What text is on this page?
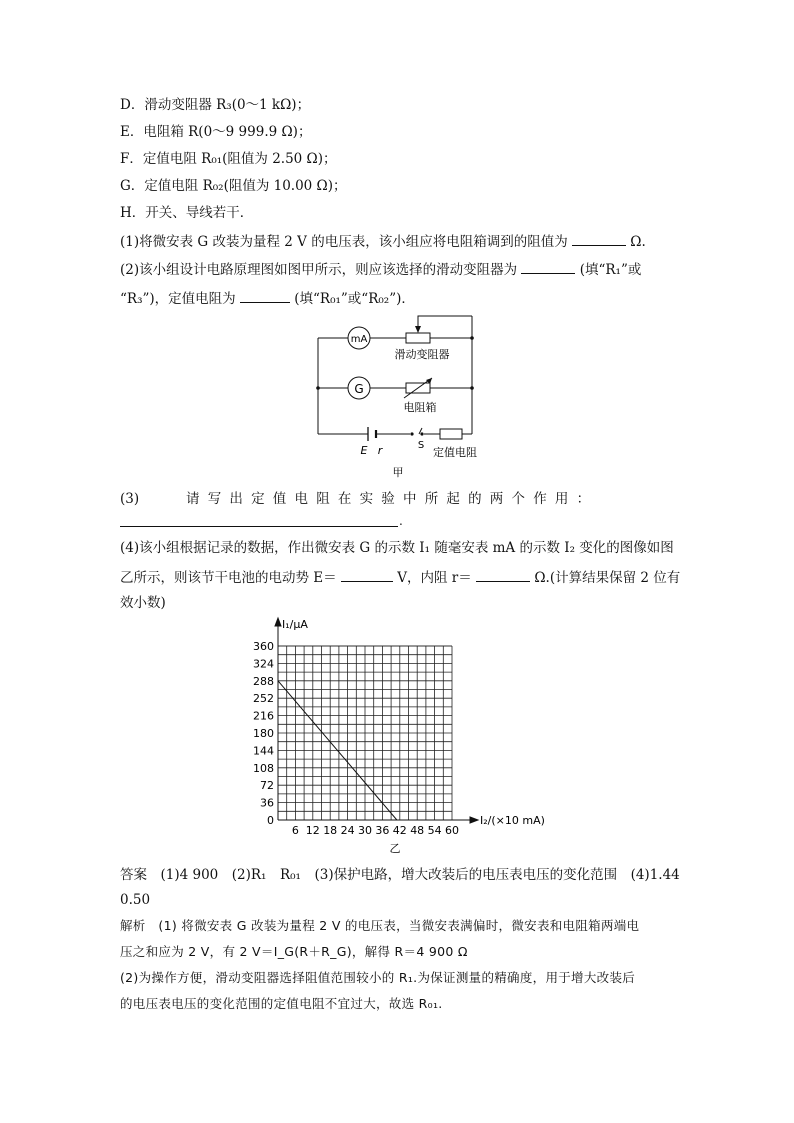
D．滑动变阻器 R₃(0～1 kΩ)；
E．电阻箱 R(0～9 999.9 Ω)；
F．定值电阻 R₀₁(阻值为 2.50 Ω)；
G．定值电阻 R₀₂(阻值为 10.00 Ω)；
H．开关、导线若干．
(1)将微安表 G 改装为量程 2 V 的电压表，该小组应将电阻箱调到的阻值为	Ω.
(2)该小组设计电路原理图如图甲所示，则应该选择的滑动变阻器为	(填“R₁”或
“R₃”)，定值电阻为	(填“R₀₁”或“R₀₂”)．
mA
G
滑动变阻器
电阻箱
E r	S
定值电阻
甲
(3)	请写出定值电阻在实验中所起的两个作用：
.
(4)该小组根据记录的数据，作出微安表 G 的示数 I₁ 随毫安表 mA 的示数 I₂ 变化的图像如图
乙所示，则该节干电池的电动势 E＝	V，内阻 r＝	Ω.(计算结果保留 2 位有
效小数)
0
36
72
108
144
180
216
252
288
324
360
6 12 18 24 30 36 42 48 54 60
I₁/μA
I₂/(×10 mA)
乙
答案　(1)4 900　(2)R₁　R₀₁　(3)保护电路，增大改装后的电压表电压的变化范围　(4)1.44
0.50
解析　(1) 将微安表 G 改装为量程 2 V 的电压表，当微安表满偏时，微安表和电阻箱两端电
压之和应为 2 V，有 2 V＝I_G(R＋R_G)，解得 R＝4 900 Ω
(2)为操作方便，滑动变阻器选择阻值范围较小的 R₁.为保证测量的精确度，用于增大改装后
的电压表电压的变化范围的定值电阻不宜过大，故选 R₀₁.
